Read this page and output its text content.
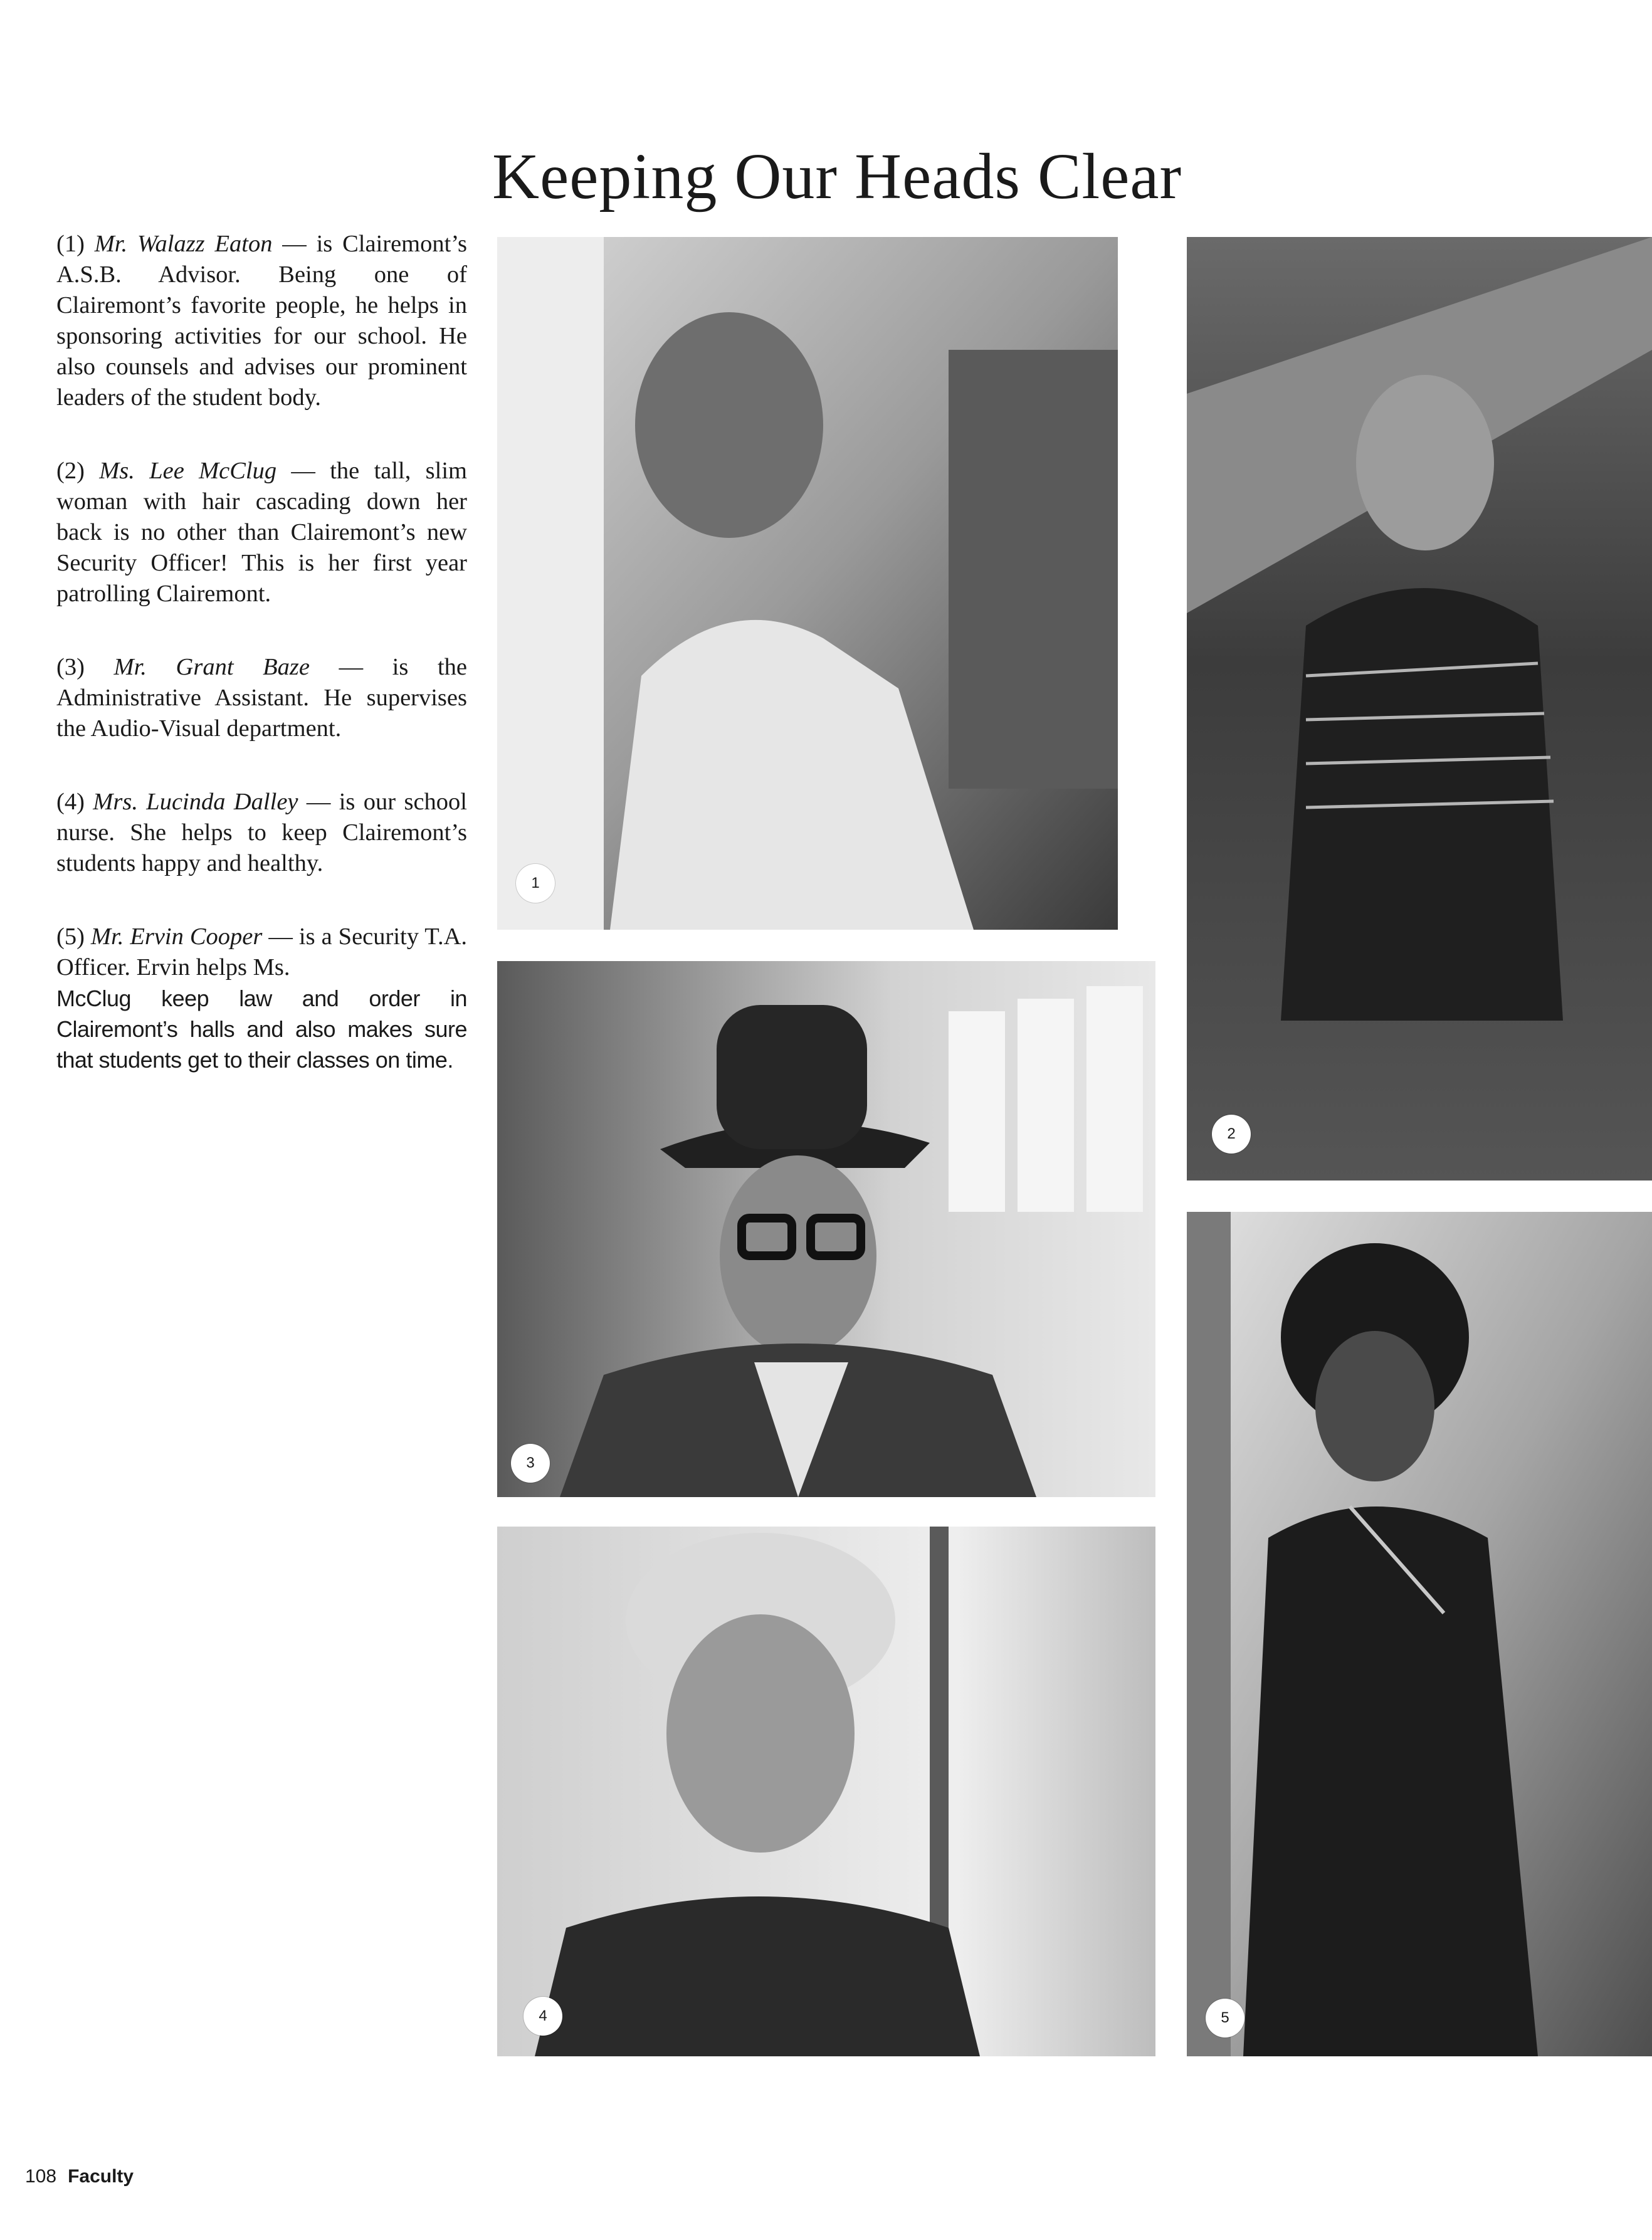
Keeping Our Heads Clear

(1) Mr. Walazz Eaton — is Clairemont’s A.S.B. Advisor. Being one of Clairemont’s favorite people, he helps in sponsoring activities for our school. He also counsels and advises our prominent leaders of the student body.

(2) Ms. Lee McClug — the tall, slim woman with hair cascading down her back is no other than Clairemont’s new Security Officer! This is her first year patrolling Clairemont.

(3) Mr. Grant Baze — is the Administrative Assistant. He supervises the Audio-Visual department.

(4) Mrs. Lucinda Dalley — is our school nurse. She helps to keep Clairemont’s students happy and healthy.

(5) Mr. Ervin Cooper — is a Security T.A. Officer. Ervin helps Ms.

McClug keep law and order in Clairemont’s halls and also makes sure that students get to their classes on time.

1
2
3
4	5
108 Faculty
